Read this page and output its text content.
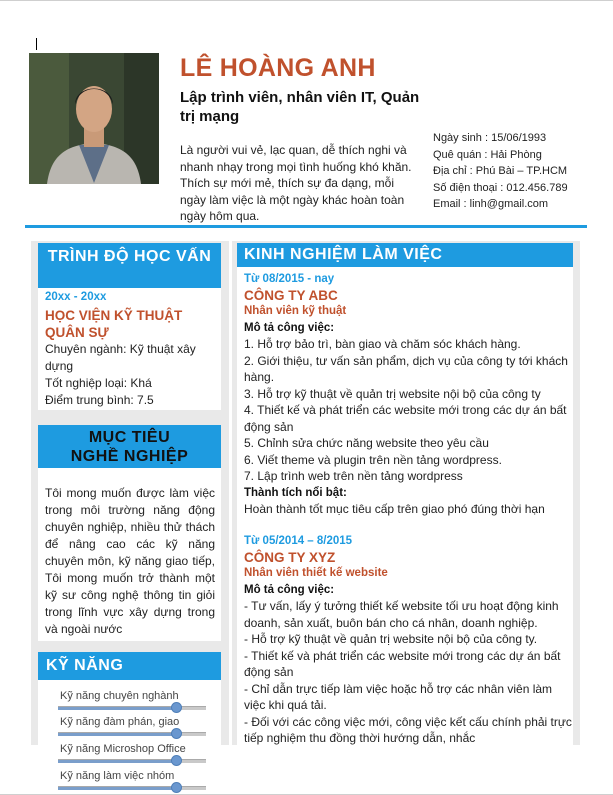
LÊ HOÀNG ANH
Lập trình viên, nhân viên IT, Quản trị mạng
Là người vui vẻ, lạc quan, dễ thích nghi và nhanh nhạy trong mọi tình huống khó khăn. Thích sự mới mẻ, thích sự đa dạng, mỗi ngày làm việc là một ngày khác hoàn toàn ngày hôm qua.
Ngày sinh : 15/06/1993
Quê quán : Hải Phòng
Địa chỉ : Phú Bài – TP.HCM
Số điện thoại : 012.456.789
Email : linh@gmail.com
TRÌNH ĐỘ HỌC VẤN
20xx - 20xx
HỌC VIỆN KỸ THUẬT QUÂN SỰ
Chuyên ngành: Kỹ thuật xây dựng
Tốt nghiệp loại: Khá
Điểm trung bình: 7.5
MỤC TIÊU
NGHỀ NGHIỆP
Tôi mong muốn được làm việc trong môi trường năng động chuyên nghiệp, nhiều thử thách để nâng cao các kỹ năng chuyên môn, kỹ năng giao tiếp, Tôi mong muốn trở thành một kỹ sư công nghệ thông tin giỏi trong lĩnh vực xây dựng trong và ngoài nước
KỸ NĂNG
Kỹ năng chuyên nghành
Kỹ năng đàm phán, giao
Kỹ năng Microshop Office
Kỹ năng làm việc nhóm
KINH NGHIỆM LÀM VIỆC
Từ 08/2015 - nay
CÔNG TY ABC
Nhân viên kỹ thuật
Mô tả công việc:
1. Hỗ trợ bảo trì, bàn giao và chăm sóc khách hàng.
2. Giới thiệu, tư vấn sản phẩm, dịch vụ của công ty tới khách hàng.
3. Hỗ trợ kỹ thuật về quản trị website nội bộ của công ty
4. Thiết kế và phát triển các website mới trong các dự án bất động sản
5. Chỉnh sửa chức năng website theo yêu cầu
6. Viết theme và plugin trên nền tảng wordpress.
7. Lập trình web trên nền tảng wordpress
Thành tích nổi bật:
Hoàn thành tốt mục tiêu cấp trên giao phó đúng thời hạn
Từ 05/2014 – 8/2015
CÔNG TY XYZ
Nhân viên thiết kế website
Mô tả công việc:
- Tư vấn, lấy ý tưởng thiết kế website tối ưu hoạt động kinh doanh, sản xuất, buôn bán cho cá nhân, doanh nghiệp.
- Hỗ trợ kỹ thuật về quản trị website nội bộ của công ty.
- Thiết kế và phát triển các website mới trong các dự án bất động sản
- Chỉ dẫn trực tiếp làm việc hoặc hỗ trợ các nhân viên làm việc khi quá tải.
- Đối với các công việc mới, công việc kết cấu chính phải trực tiếp nghiệm thu đồng thời hướng dẫn, nhắc
